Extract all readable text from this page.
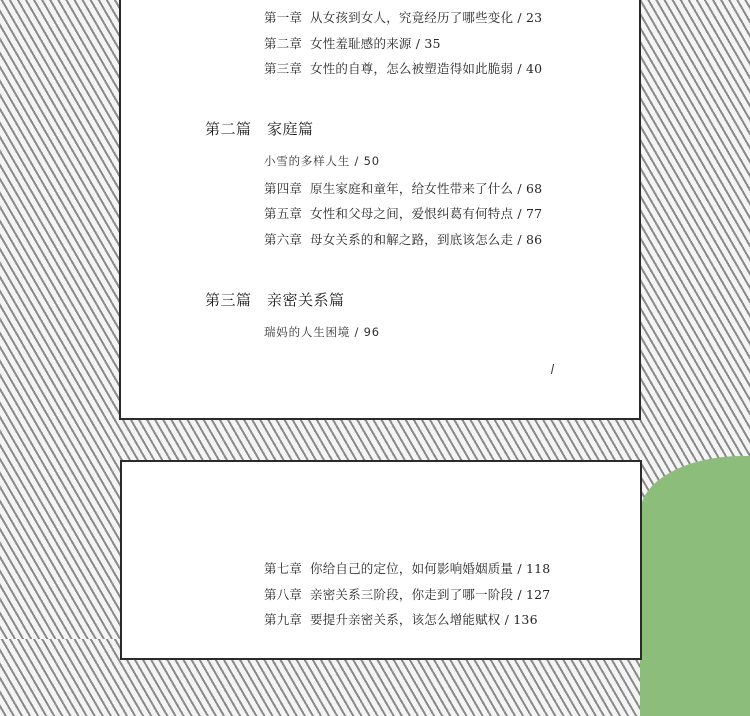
第一章 从女孩到女人，究竟经历了哪些变化 / 23
第二章 女性羞耻感的来源 / 35
第三章 女性的自尊，怎么被塑造得如此脆弱 / 40
第二篇 家庭篇
小雪的多样人生 / 50
第四章 原生家庭和童年，给女性带来了什么 / 68
第五章 女性和父母之间，爱恨纠葛有何特点 / 77
第六章 母女关系的和解之路，到底该怎么走 / 86
第三篇 亲密关系篇
瑞妈的人生困境 / 96
第七章 你给自己的定位，如何影响婚姻质量 / 118
第八章 亲密关系三阶段，你走到了哪一阶段 / 127
第九章 要提升亲密关系，该怎么增能赋权 / 136
